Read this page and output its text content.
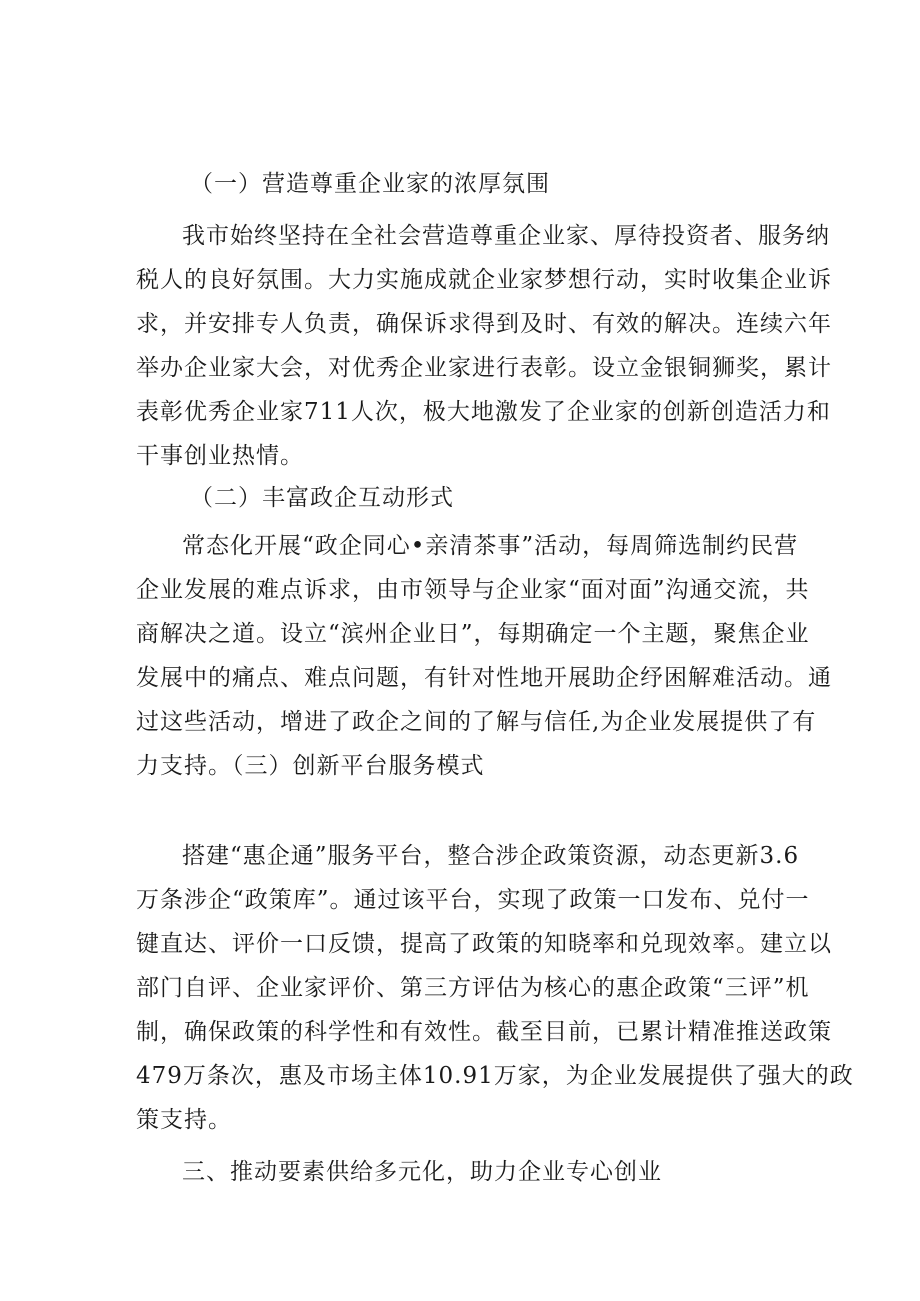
（一）营造尊重企业家的浓厚氛围
我市始终坚持在全社会营造尊重企业家、厚待投资者、服务纳
税人的良好氛围。大力实施成就企业家梦想行动，实时收集企业诉
求，并安排专人负责，确保诉求得到及时、有效的解决。连续六年
举办企业家大会，对优秀企业家进行表彰。设立金银铜狮奖，累计
表彰优秀企业家711人次，极大地激发了企业家的创新创造活力和
干事创业热情。
（二）丰富政企互动形式
常态化开展“政企同心•亲清茶事”活动，每周筛选制约民营
企业发展的难点诉求，由市领导与企业家“面对面”沟通交流，共
商解决之道。设立“滨州企业日”，每期确定一个主题，聚焦企业
发展中的痛点、难点问题，有针对性地开展助企纾困解难活动。通
过这些活动，增进了政企之间的了解与信任,为企业发展提供了有
力支持。（三）创新平台服务模式
搭建“惠企通”服务平台，整合涉企政策资源，动态更新3.6
万条涉企“政策库”。通过该平台，实现了政策一口发布、兑付一
键直达、评价一口反馈，提高了政策的知晓率和兑现效率。建立以
部门自评、企业家评价、第三方评估为核心的惠企政策“三评”机
制，确保政策的科学性和有效性。截至目前，已累计精准推送政策
479万条次，惠及市场主体10.91万家，为企业发展提供了强大的政
策支持。
三、推动要素供给多元化，助力企业专心创业
